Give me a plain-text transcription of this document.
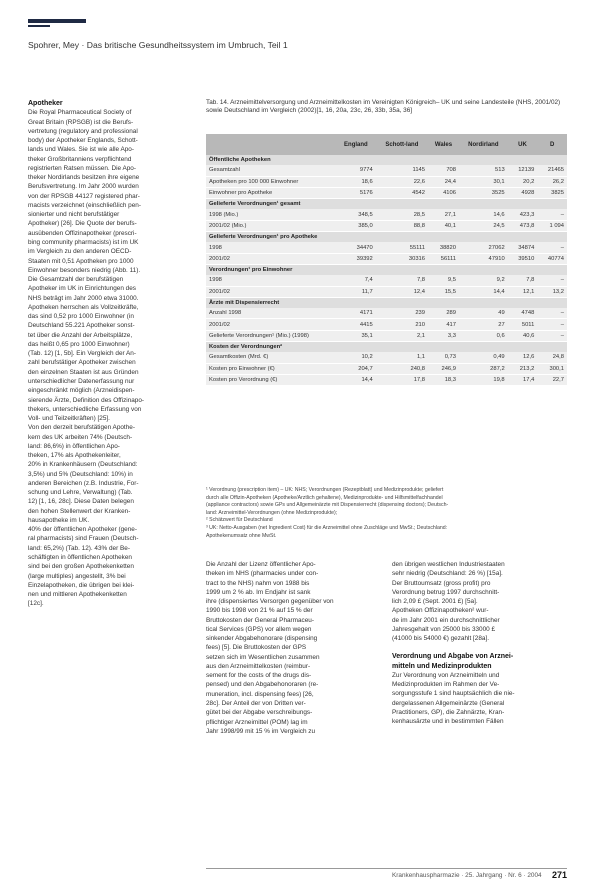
Spohrer, Mey · Das britische Gesundheitssystem im Umbruch, Teil 1
Apotheker
Die Royal Pharmaceutical Society of
Great Britain (RPSGB) ist die Berufs-
vertretung (regulatory and professional
body) der Apotheker Englands, Schott-
lands und Wales. Sie ist wie alle Apo-
theker Großbritanniens verpflichtend
registrierten Ratsen müssen. Die Apo-
theker Nordirlands besitzen ihre eigene
Berufsvertretung. Im Jahr 2000 wurden
von der RPSGB 44127 registered phar-
macists verzeichnet (einschließlich pen-
sionierter und nicht berufstätiger
Apotheker) [26]. Die Quote der berufs-
ausübenden Offizinapotheker (prescri-
bing community pharmacists) ist im UK
im Vergleich zu den anderen OECD-
Staaten mit 0,51 Apotheken pro 1000
Einwohner besonders niedrig (Abb. 11).
Die Gesamtzahl der berufstätigen
Apotheker im UK in Einrichtungen des
NHS beträgt im Jahr 2000 etwa 31000.
Apotheken herrschen als Vollzeitkräfte,
das sind 0,52 pro 1000 Einwohner (in
Deutschland 55.221 Apotheker sonst-
tet über die Anzahl der Arbeitsplätze,
das heißt 0,65 pro 1000 Einwohner)
(Tab. 12) [1, 5b]. Ein Vergleich der An-
zahl berufstätiger Apotheker zwischen
den einzelnen Staaten ist aus Gründen
unterschiedlicher Datenerfassung nur
eingeschränkt möglich (Arzneidispen-
sierende Ärzte, Definition des Offizinapo-
thekers, unterschiedliche Erfassung von
Voll- und Teilzeitkräften) [25].
Von den derzeit berufstätigen Apothe-
kern des UK arbeiten 74% (Deutsch-
land: 86,6%) in öffentlichen Apo-
theken, 17% als Apothekenleiter,
20% in Krankenhäusern (Deutschland:
3,5%) und 5% (Deutschland: 10%) in
anderen Bereichen (z.B. Industrie, For-
schung und Lehre, Verwaltung) (Tab.
12) [1, 16, 28c]. Diese Daten belegen
den hohen Stellenwert der Kranken-
hausapotheke im UK.
40% der öffentlichen Apotheker (gene-
ral pharmacists) sind Frauen (Deutsch-
land: 65,2%) (Tab. 12). 43% der Be-
schäftigten in öffentlichen Apotheken
sind bei den großen Apothekenketten
(large multiples) angestellt, 3% bei
Einzelapotheken, die übrigen bei klei-
nen und mittleren Apothekenketten
[12c].
Tab. 14. Arzneimittelversorgung und Arzneimittelkosten im Vereinigten Königreich– UK und seine Landesteile (NHS, 2001/02) sowie Deutschland im Vergleich (2002)[1, 16, 20a, 23c, 26, 33b, 35a, 36]
	England	Schott-land	Wales	Nordirland	UK	D
Öffentliche Apotheken						
Gesamtzahl	9774	1145	708	513	12139	21465
Apotheken pro 100 000 Einwohner	18,6	22,6	24,4	30,1	20,2	26,2
Einwohner pro Apotheke	5176	4542	4106	3525	4928	3825
Gelieferte Verordnungen¹ gesamt						
1998 (Mio.)	348,5	28,5	27,1	14,6	423,3	–
2001/02 (Mio.)	385,0	88,8	40,1	24,5	473,8	1 094
Gelieferte Verordnungen¹ pro Apotheke						
1998	34470	55111	38820	27062	34874	–
2001/02	39392	30316	56111	47910	39510	40774
Verordnungen¹ pro Einwohner						
1998	7,4	7,8	9,5	9,2	7,8	–
2001/02	11,7	12,4	15,5	14,4	12,1	13,2
Ärzte mit Dispensierrecht						
Anzahl 1998	4171	239	289	49	4748	–
2001/02	4415	210	417	27	5011	–
Gelieferte Verordnungen¹ (Mio.) (1998)	35,1	2,1	3,3	0,6	40,6	–
Kosten der Verordnungen²						
Gesamtkosten (Mrd. €)	10,2	1,1	0,73	0,49	12,6	24,8
Kosten pro Einwohner (€)	204,7	240,8	246,9	287,2	213,2	300,1
Kosten pro Verordnung (€)	14,4	17,8	18,3	19,8	17,4	22,7
¹ Verordnung (prescription item) – UK: NHS; Verordnungen (Rezeptblatt) und Medizinprodukte; geliefert
durch alle Offizin-Apotheken (Apotheke/Ärztlich gehaltene), Medizinprodukte- und Hilfsmittelfachhandel
(appliance contractors) sowie GPs und Allgemeinärzte mit Dispensierrecht (dispensing doctors); Deutsch-
land: Arzneimittel-Verordnungen (ohne Medizinprodukte);
² Schätzwert für Deutschland
³ UK: Netto-Ausgaben (net Ingredient Cost) für die Arzneimittel ohne Zuschläge und MwSt.; Deutschland:
Apothekenumsatz ohne MwSt.
Die Anzahl der Lizenz öffentlicher Apo-
theken im NHS (pharmacies under con-
tract to the NHS) nahm von 1988 bis
1999 um 2 % ab. Im Endjahr ist sank
ihre (dispensiertes Versorgen gegenüber von
1990 bis 1998 von 21 % auf 15 % der
Bruttokosten der General Pharmaceu-
tical Services (GPS) vor allem wegen
sinkender Abgabehonorare (dispensing
fees) [5]. Die Bruttokosten der GPS
setzen sich im Wesentlichen zusammen
aus den Arzneimittelkosten (reimbur-
sement for the costs of the drugs dis-
pensed) und den Abgabehonoraren (re-
muneration, incl. dispensing fees) [26,
28c]. Der Anteil der von Dritten ver-
gütet bei der Abgabe verschreibungs-
pflichtiger Arzneimittel (POM) lag im
Jahr 1998/99 mit 15 % im Vergleich zu
den übrigen westlichen Industriestaaten
sehr niedrig (Deutschland: 26 %) [15a].
Der Bruttoumsatz (gross profit) pro
Verordnung betrug 1997 durchschnitt-
lich 2,09 £ (Sept. 2001 £) [5a].
Apotheken Offizinapotheken² wur-
de im Jahr 2001 ein durchschnittlicher
Jahresgehalt von 25000 bis 33000 £
(41000 bis 54000 €) gezahlt [28a].
Verordnung und Abgabe von Arznei-
mitteln und Medizinprodukten
Zur Verordnung von Arzneimitteln und
Medizinprodukten im Rahmen der Ve-
sorgungsstufe 1 sind hauptsächlich die nie-
dergelassenen Allgemeinärzte (General
Practitioners, GP), die Zahnärzte, Kran-
kenhausärzte und in bestimmten Fällen
Krankenhauspharmazie · 25. Jahrgang · Nr. 6 · 2004 271
